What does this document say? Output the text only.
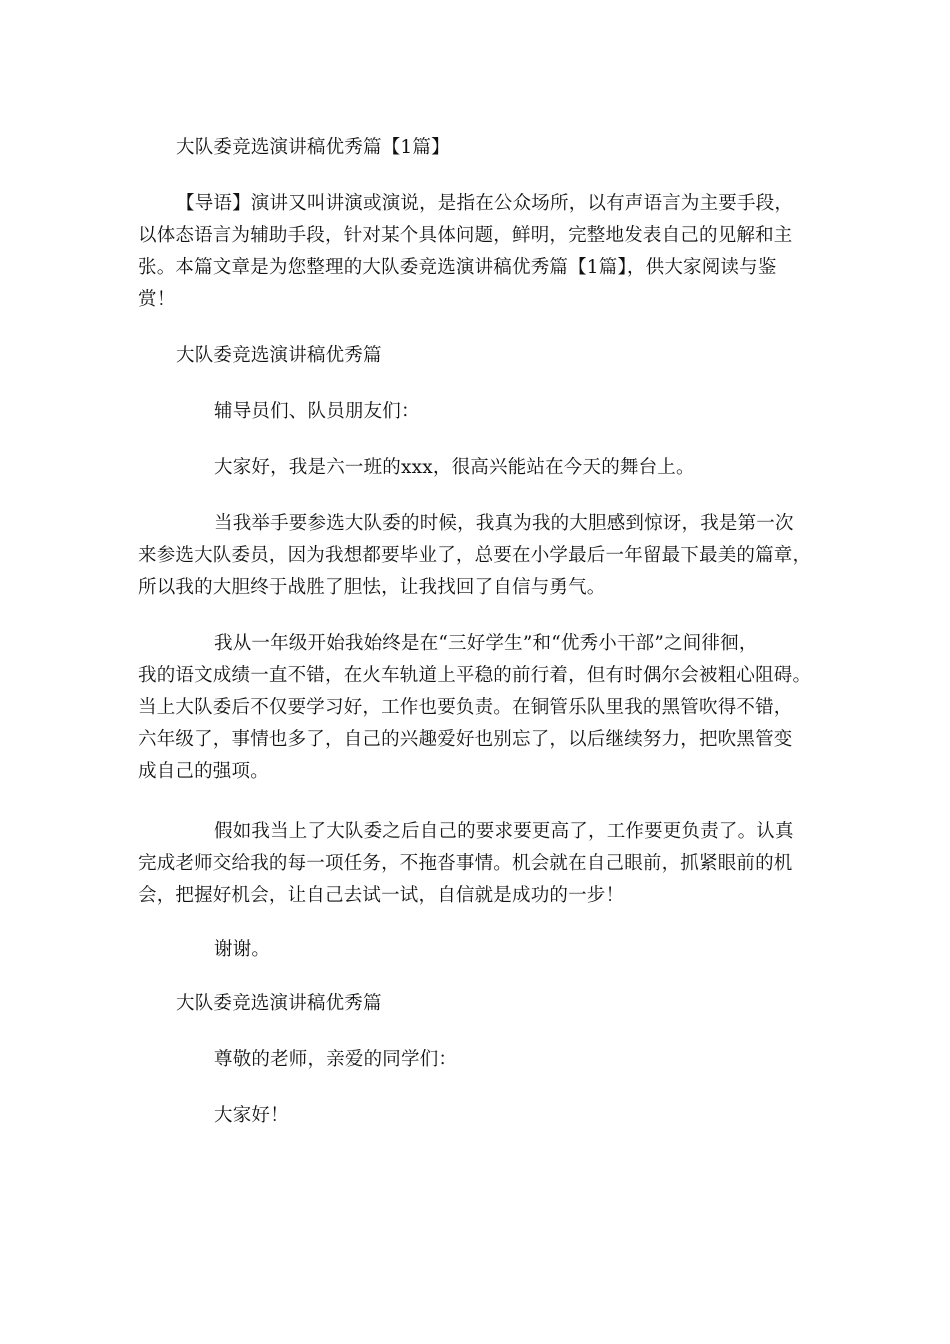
大队委竞选演讲稿优秀篇【1篇】

【导语】演讲又叫讲演或演说，是指在公众场所，以有声语言为主要手段，
以体态语言为辅助手段，针对某个具体问题，鲜明，完整地发表自己的见解和主
张。本篇文章是为您整理的大队委竞选演讲稿优秀篇【1篇】，供大家阅读与鉴
赏！

大队委竞选演讲稿优秀篇

辅导员们、队员朋友们：

大家好，我是六一班的xxx，很高兴能站在今天的舞台上。

当我举手要参选大队委的时候，我真为我的大胆感到惊讶，我是第一次
来参选大队委员，因为我想都要毕业了，总要在小学最后一年留最下最美的篇章，
所以我的大胆终于战胜了胆怯，让我找回了自信与勇气。
我从一年级开始我始终是在“三好学生”和“优秀小干部”之间徘徊，
我的语文成绩一直不错，在火车轨道上平稳的前行着，但有时偶尔会被粗心阻碍。
当上大队委后不仅要学习好，工作也要负责。在铜管乐队里我的黑管吹得不错，
六年级了，事情也多了，自己的兴趣爱好也别忘了，以后继续努力，把吹黑管变
成自己的强项。
假如我当上了大队委之后自己的要求要更高了，工作要更负责了。认真
完成老师交给我的每一项任务，不拖沓事情。机会就在自己眼前，抓紧眼前的机
会，把握好机会，让自己去试一试，自信就是成功的一步！

谢谢。

大队委竞选演讲稿优秀篇

尊敬的老师，亲爱的同学们：

大家好！
